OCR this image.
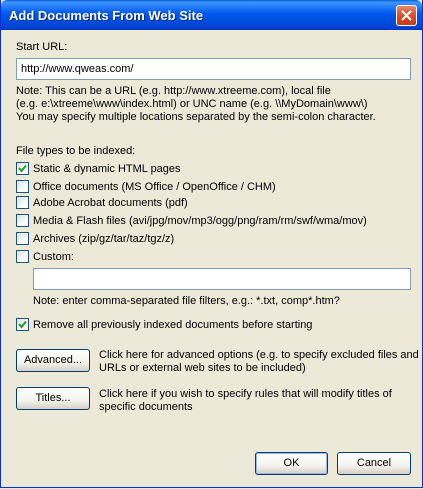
Add Documents From Web Site
Start URL:
http://www.qweas.com/
Note: This can be a URL (e.g. http://www.xtreeme.com), local file
(e.g. e:\xtreeme\www\index.html) or UNC name (e.g. \\MyDomain\www\)
You may specify multiple locations separated by the semi-colon character.
File types to be indexed:
Static & dynamic HTML pages
Office documents (MS Office / OpenOffice / CHM)
Adobe Acrobat documents (pdf)
Media & Flash files (avi/jpg/mov/mp3/ogg/png/ram/rm/swf/wma/mov)
Archives (zip/gz/tar/taz/tgz/z)
Custom:
Note: enter comma-separated file filters, e.g.: *.txt, comp*.htm?
Remove all previously indexed documents before starting
Advanced...	Click here for advanced options (e.g. to specify excluded files and
URLs or external web sites to be included)
Titles...	Click here if you wish to specify rules that will modify titles of
specific documents
OK	Cancel
